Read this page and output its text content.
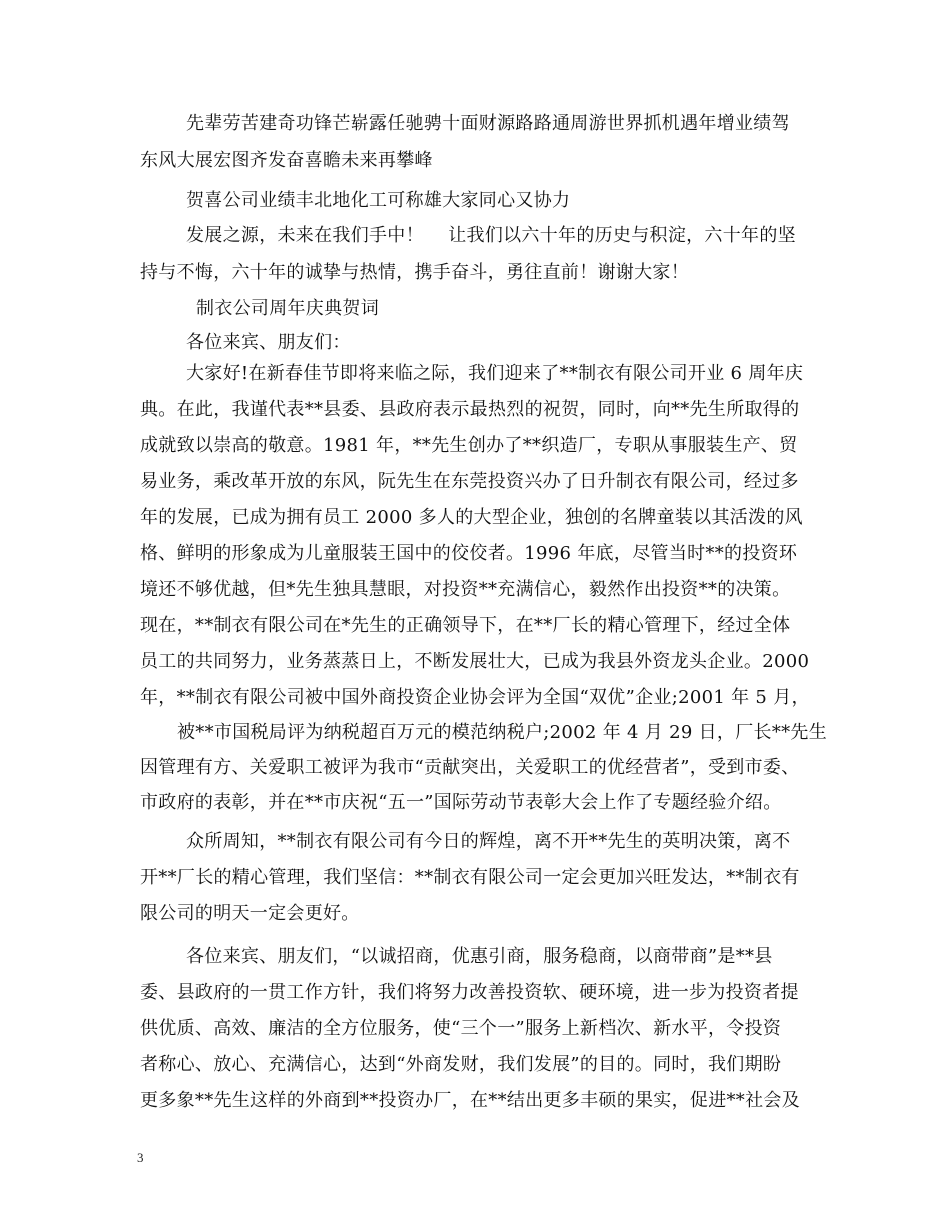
先辈劳苦建奇功锋芒崭露任驰骋十面财源路路通周游世界抓机遇年增业绩驾
东风大展宏图齐发奋喜瞻未来再攀峰
贺喜公司业绩丰北地化工可称雄大家同心又协力
发展之源，未来在我们手中！　 让我们以六十年的历史与积淀，六十年的坚
持与不悔，六十年的诚挚与热情，携手奋斗，勇往直前！谢谢大家！
制衣公司周年庆典贺词
各位来宾、朋友们：
大家好!在新春佳节即将来临之际，我们迎来了**制衣有限公司开业 6 周年庆
典。在此，我谨代表**县委、县政府表示最热烈的祝贺，同时，向**先生所取得的
成就致以崇高的敬意。1981 年，**先生创办了**织造厂，专职从事服装生产、贸
易业务，乘改革开放的东风，阮先生在东莞投资兴办了日升制衣有限公司，经过多
年的发展，已成为拥有员工 2000 多人的大型企业，独创的名牌童装以其活泼的风
格、鲜明的形象成为儿童服装王国中的佼佼者。1996 年底，尽管当时**的投资环
境还不够优越，但*先生独具慧眼，对投资**充满信心，毅然作出投资**的决策。
现在，**制衣有限公司在*先生的正确领导下，在**厂长的精心管理下，经过全体
员工的共同努力，业务蒸蒸日上，不断发展壮大，已成为我县外资龙头企业。2000
年，**制衣有限公司被中国外商投资企业协会评为全国“双优”企业;2001 年 5 月，
被**市国税局评为纳税超百万元的模范纳税户;2002 年 4 月 29 日，厂长**先生
因管理有方、关爱职工被评为我市“贡献突出，关爱职工的优经营者”，受到市委、
市政府的表彰，并在**市庆祝“五一”国际劳动节表彰大会上作了专题经验介绍。
众所周知，**制衣有限公司有今日的辉煌，离不开**先生的英明决策，离不
开**厂长的精心管理，我们坚信：**制衣有限公司一定会更加兴旺发达，**制衣有
限公司的明天一定会更好。
各位来宾、朋友们，“以诚招商，优惠引商，服务稳商，以商带商”是**县
委、县政府的一贯工作方针，我们将努力改善投资软、硬环境，进一步为投资者提
供优质、高效、廉洁的全方位服务，使“三个一”服务上新档次、新水平，令投资
者称心、放心、充满信心，达到“外商发财，我们发展”的目的。同时，我们期盼
更多象**先生这样的外商到**投资办厂，在**结出更多丰硕的果实，促进**社会及
3
